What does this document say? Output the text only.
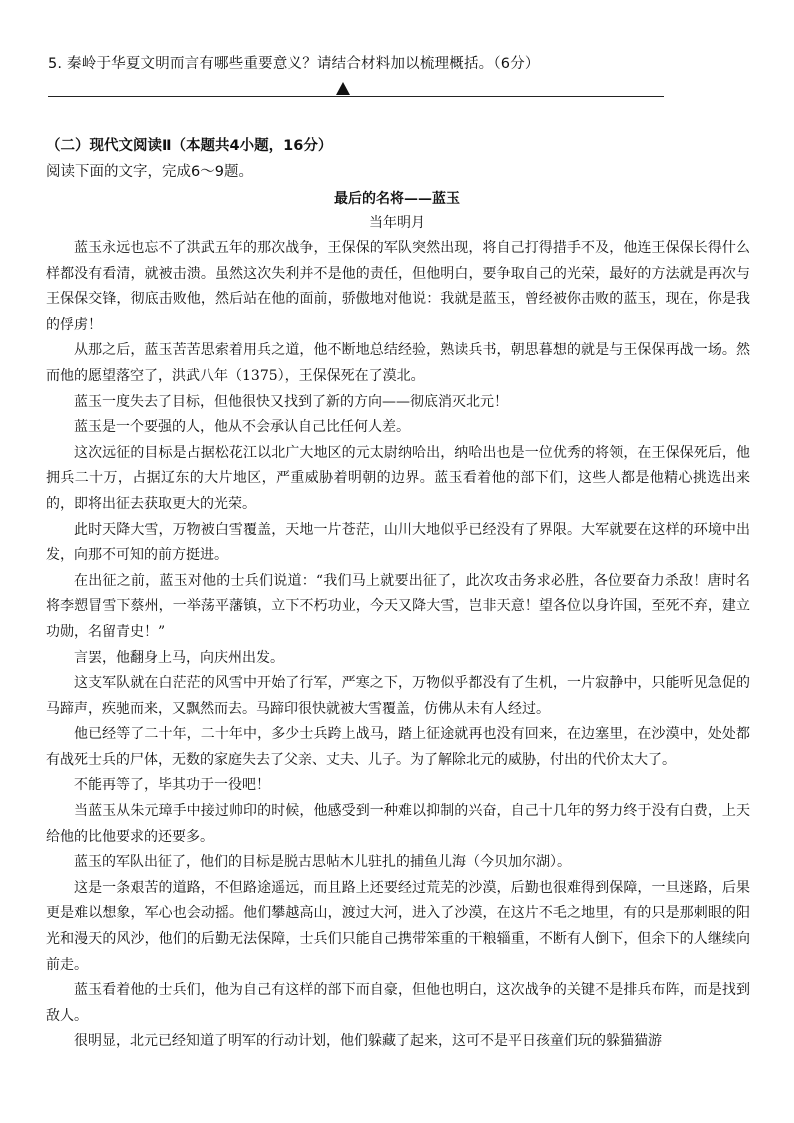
5. 秦岭于华夏文明而言有哪些重要意义？请结合材料加以梳理概括。（6分）
（二）现代文阅读Ⅱ（本题共4小题，16分）
阅读下面的文字，完成6～9题。
最后的名将——蓝玉
当年明月

蓝玉永远也忘不了洪武五年的那次战争，王保保的军队突然出现，将自己打得措手不及，他连王保保长得什么样都没有看清，就被击溃。虽然这次失利并不是他的责任，但他明白，要争取自己的光荣，最好的方法就是再次与王保保交锋，彻底击败他，然后站在他的面前，骄傲地对他说：我就是蓝玉，曾经被你击败的蓝玉，现在，你是我的俘虏！

从那之后，蓝玉苦苦思索着用兵之道，他不断地总结经验，熟读兵书，朝思暮想的就是与王保保再战一场。然而他的愿望落空了，洪武八年（1375），王保保死在了漠北。

蓝玉一度失去了目标，但他很快又找到了新的方向——彻底消灭北元！

蓝玉是一个要强的人，他从不会承认自己比任何人差。

这次远征的目标是占据松花江以北广大地区的元太尉纳哈出，纳哈出也是一位优秀的将领，在王保保死后，他拥兵二十万，占据辽东的大片地区，严重威胁着明朝的边界。蓝玉看着他的部下们，这些人都是他精心挑选出来的，即将出征去获取更大的光荣。

此时天降大雪，万物被白雪覆盖，天地一片苍茫，山川大地似乎已经没有了界限。大军就要在这样的环境中出发，向那不可知的前方挺进。

在出征之前，蓝玉对他的士兵们说道：“我们马上就要出征了，此次攻击务求必胜，各位要奋力杀敌！唐时名将李愬冒雪下蔡州，一举荡平藩镇，立下不朽功业，今天又降大雪，岂非天意！望各位以身许国，至死不弃，建立功勋，名留青史！”

言罢，他翻身上马，向庆州出发。

这支军队就在白茫茫的风雪中开始了行军，严寒之下，万物似乎都没有了生机，一片寂静中，只能听见急促的马蹄声，疾驰而来，又飘然而去。马蹄印很快就被大雪覆盖，仿佛从未有人经过。

他已经等了二十年，二十年中，多少士兵跨上战马，踏上征途就再也没有回来，在边塞里，在沙漠中，处处都有战死士兵的尸体，无数的家庭失去了父亲、丈夫、儿子。为了解除北元的威胁，付出的代价太大了。

不能再等了，毕其功于一役吧！

当蓝玉从朱元璋手中接过帅印的时候，他感受到一种难以抑制的兴奋，自己十几年的努力终于没有白费，上天给他的比他要求的还要多。

蓝玉的军队出征了，他们的目标是脱古思帖木儿驻扎的捕鱼儿海（今贝加尔湖）。

这是一条艰苦的道路，不但路途遥远，而且路上还要经过荒芜的沙漠，后勤也很难得到保障，一旦迷路，后果更是难以想象，军心也会动摇。他们攀越高山，渡过大河，进入了沙漠，在这片不毛之地里，有的只是那刺眼的阳光和漫天的风沙，他们的后勤无法保障，士兵们只能自己携带笨重的干粮辎重，不断有人倒下，但余下的人继续向前走。

蓝玉看着他的士兵们，他为自己有这样的部下而自豪，但他也明白，这次战争的关键不是排兵布阵，而是找到敌人。

很明显，北元已经知道了明军的行动计划，他们躲藏了起来，这可不是平日孩童们玩的躲猫猫游
